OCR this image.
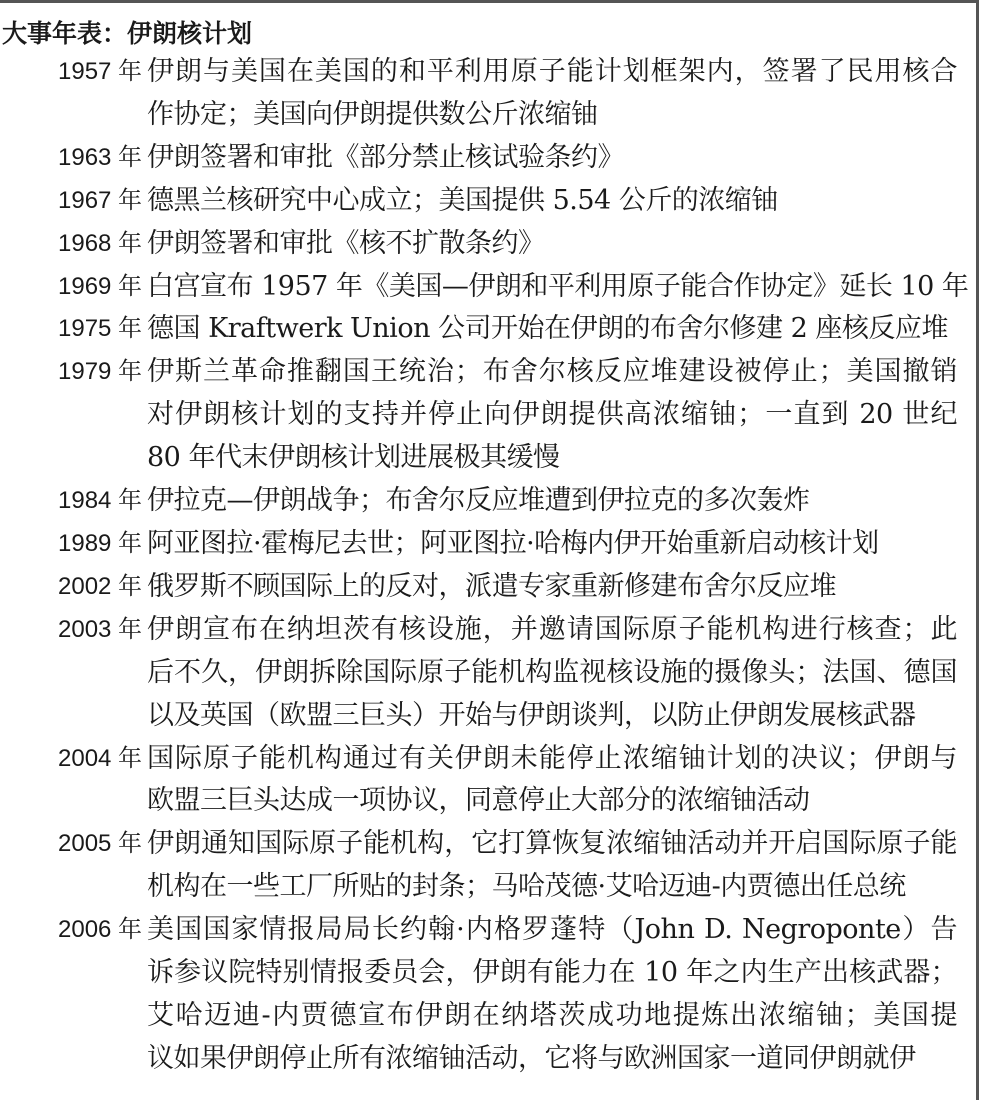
大事年表：伊朗核计划
1957 年 伊朗与美国在美国的和平利用原子能计划框架内，签署了民用核合
作协定；美国向伊朗提供数公斤浓缩铀
1963 年 伊朗签署和审批《部分禁止核试验条约》
1967 年 德黑兰核研究中心成立；美国提供 5.54 公斤的浓缩铀
1968 年 伊朗签署和审批《核不扩散条约》
1969 年 白宫宣布 1957 年《美国—伊朗和平利用原子能合作协定》延长 10 年
1975 年 德国 Kraftwerk Union 公司开始在伊朗的布舍尔修建 2 座核反应堆
1979 年 伊斯兰革命推翻国王统治；布舍尔核反应堆建设被停止；美国撤销
对伊朗核计划的支持并停止向伊朗提供高浓缩铀；一直到 20 世纪
80 年代末伊朗核计划进展极其缓慢
1984 年 伊拉克—伊朗战争；布舍尔反应堆遭到伊拉克的多次轰炸
1989 年 阿亚图拉·霍梅尼去世；阿亚图拉·哈梅内伊开始重新启动核计划
2002 年 俄罗斯不顾国际上的反对，派遣专家重新修建布舍尔反应堆
2003 年 伊朗宣布在纳坦茨有核设施，并邀请国际原子能机构进行核查；此
后不久，伊朗拆除国际原子能机构监视核设施的摄像头；法国、德国
以及英国（欧盟三巨头）开始与伊朗谈判，以防止伊朗发展核武器
2004 年 国际原子能机构通过有关伊朗未能停止浓缩铀计划的决议；伊朗与
欧盟三巨头达成一项协议，同意停止大部分的浓缩铀活动
2005 年 伊朗通知国际原子能机构，它打算恢复浓缩铀活动并开启国际原子能
机构在一些工厂所贴的封条；马哈茂德·艾哈迈迪-内贾德出任总统
2006 年 美国国家情报局局长约翰·内格罗蓬特（John D. Negroponte）告
诉参议院特别情报委员会，伊朗有能力在 10 年之内生产出核武器；
艾哈迈迪-内贾德宣布伊朗在纳塔茨成功地提炼出浓缩铀；美国提
议如果伊朗停止所有浓缩铀活动，它将与欧洲国家一道同伊朗就伊
